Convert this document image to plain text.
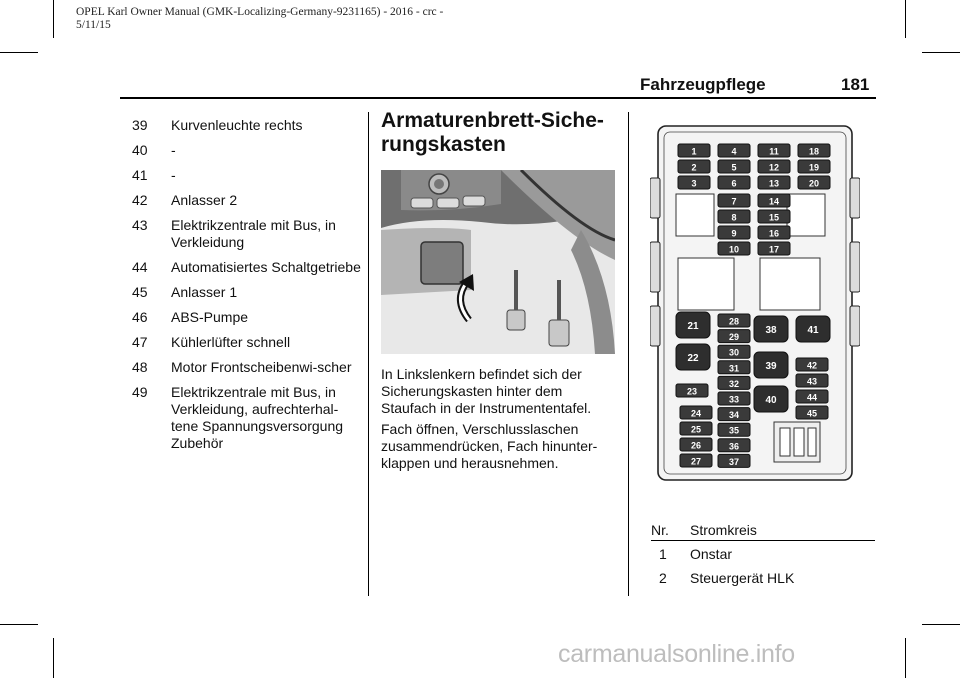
OPEL Karl Owner Manual (GMK-Localizing-Germany-9231165) - 2016 - crc -
5/11/15
Fahrzeugpflege	181
39	Kurvenleuchte rechts
40	-
41	-
42	Anlasser 2
43	Elektrikzentrale mit Bus, in Verkleidung
44	Automatisiertes Schaltgetriebe
45	Anlasser 1
46	ABS-Pumpe
47	Kühlerlüfter schnell
48	Motor Frontscheibenwi-scher
49	Elektrikzentrale mit Bus, in Verkleidung, aufrechterhal-tene Spannungsversorgung Zubehör
Armaturenbrett-Siche-
rungskasten
In Linkslenkern befindet sich der Sicherungskasten hinter dem Staufach in der Instrumententafel.
Fach öffnen, Verschlusslaschen zusammendrücken, Fach hinunter-klappen und herausnehmen.
1
2
3
4
5
6
7
8
9
10
11
12
13
14
15
16
17
18
19
20
23
24
25
26
27
28
29
30
31
32
33
34
35
36
37
42
43
44
45
21
22
38
39
40
41
Nr. Stromkreis
1 Onstar
2 Steuergerät HLK
carmanualsonline.info
